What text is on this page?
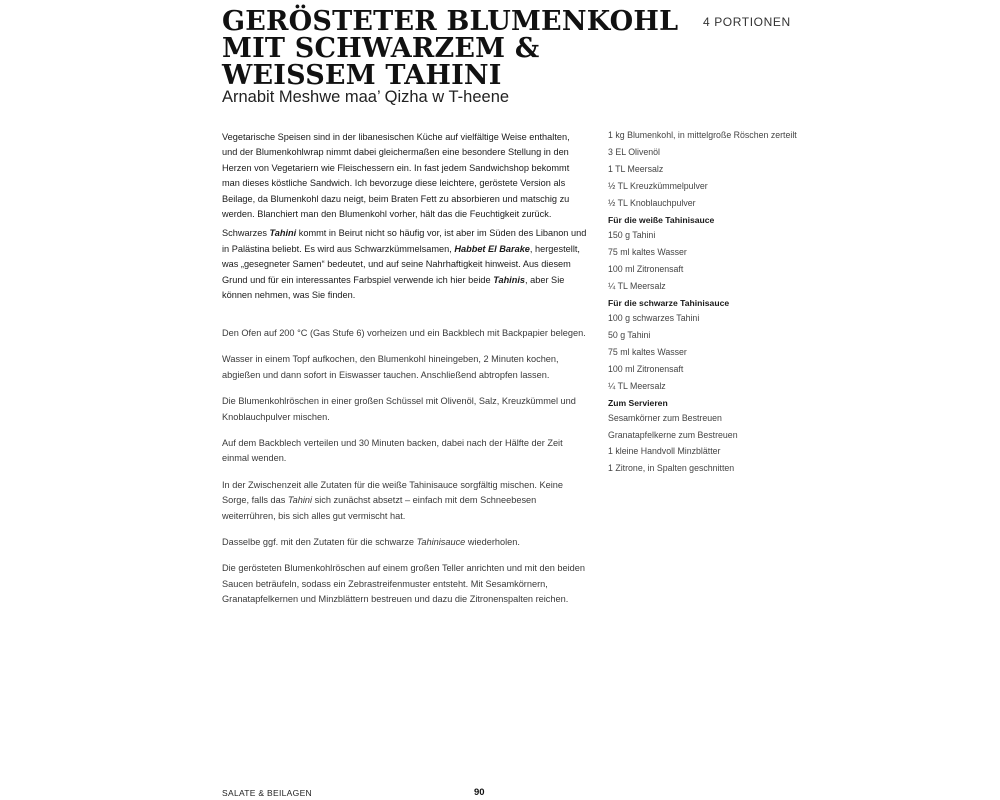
GERÖSTETER BLUMENKOHL
MIT SCHWARZEM &
WEISSEM TAHINI
Arnabit Meshwe maa’ Qizha w T-heene
4 PORTIONEN

Vegetarische Speisen sind in der libanesischen Küche auf vielfältige Weise enthalten, und der Blumenkohlwrap nimmt dabei gleichermaßen eine besondere Stellung in den Herzen von Vegetariern wie Fleischessern ein. In fast jedem Sandwichshop bekommt man dieses köstliche Sandwich. Ich bevorzuge diese leichtere, geröstete Version als Beilage, da Blumenkohl dazu neigt, beim Braten Fett zu absorbieren und matschig zu werden. Blanchiert man den Blumenkohl vorher, hält das die Feuchtigkeit zurück.

Schwarzes Tahini kommt in Beirut nicht so häufig vor, ist aber im Süden des Libanon und in Palästina beliebt. Es wird aus Schwarzkümmelsamen, Habbet El Barake, hergestellt, was „gesegneter Samen“ bedeutet, und auf seine Nahrhaftigkeit hinweist. Aus diesem Grund und für ein interessantes Farbspiel verwende ich hier beide Tahinis, aber Sie können nehmen, was Sie finden.

Den Ofen auf 200 °C (Gas Stufe 6) vorheizen und ein Backblech mit Backpapier belegen.

Wasser in einem Topf aufkochen, den Blumenkohl hineingeben, 2 Minuten kochen, abgießen und dann sofort in Eiswasser tauchen. Anschließend abtropfen lassen.

Die Blumenkohlröschen in einer großen Schüssel mit Olivenöl, Salz, Kreuzkümmel und Knoblauchpulver mischen.

Auf dem Backblech verteilen und 30 Minuten backen, dabei nach der Hälfte der Zeit einmal wenden.

In der Zwischenzeit alle Zutaten für die weiße Tahinisauce sorgfältig mischen. Keine Sorge, falls das Tahini sich zunächst absetzt – einfach mit dem Schneebesen weiterrühren, bis sich alles gut vermischt hat.

Dasselbe ggf. mit den Zutaten für die schwarze Tahinisauce wiederholen.

Die gerösteten Blumenkohlröschen auf einem großen Teller anrichten und mit den beiden Saucen beträufeln, sodass ein Zebrastreifenmuster entsteht. Mit Sesamkörnern, Granatapfelkernen und Minzblättern bestreuen und dazu die Zitronenspalten reichen.

1 kg Blumenkohl, in mittelgroße Röschen zerteilt
3 EL Olivenöl
1 TL Meersalz
½ TL Kreuzkümmelpulver
½ TL Knoblauchpulver
Für die weiße Tahinisauce
150 g Tahini
75 ml kaltes Wasser
100 ml Zitronensaft
¼ TL Meersalz
Für die schwarze Tahinisauce
100 g schwarzes Tahini
50 g Tahini
75 ml kaltes Wasser
100 ml Zitronensaft
¼ TL Meersalz
Zum Servieren
Sesamkörner zum Bestreuen
Granatapfelkerne zum Bestreuen
1 kleine Handvoll Minzblätter
1 Zitrone, in Spalten geschnitten
SALATE & BEILAGEN	90
